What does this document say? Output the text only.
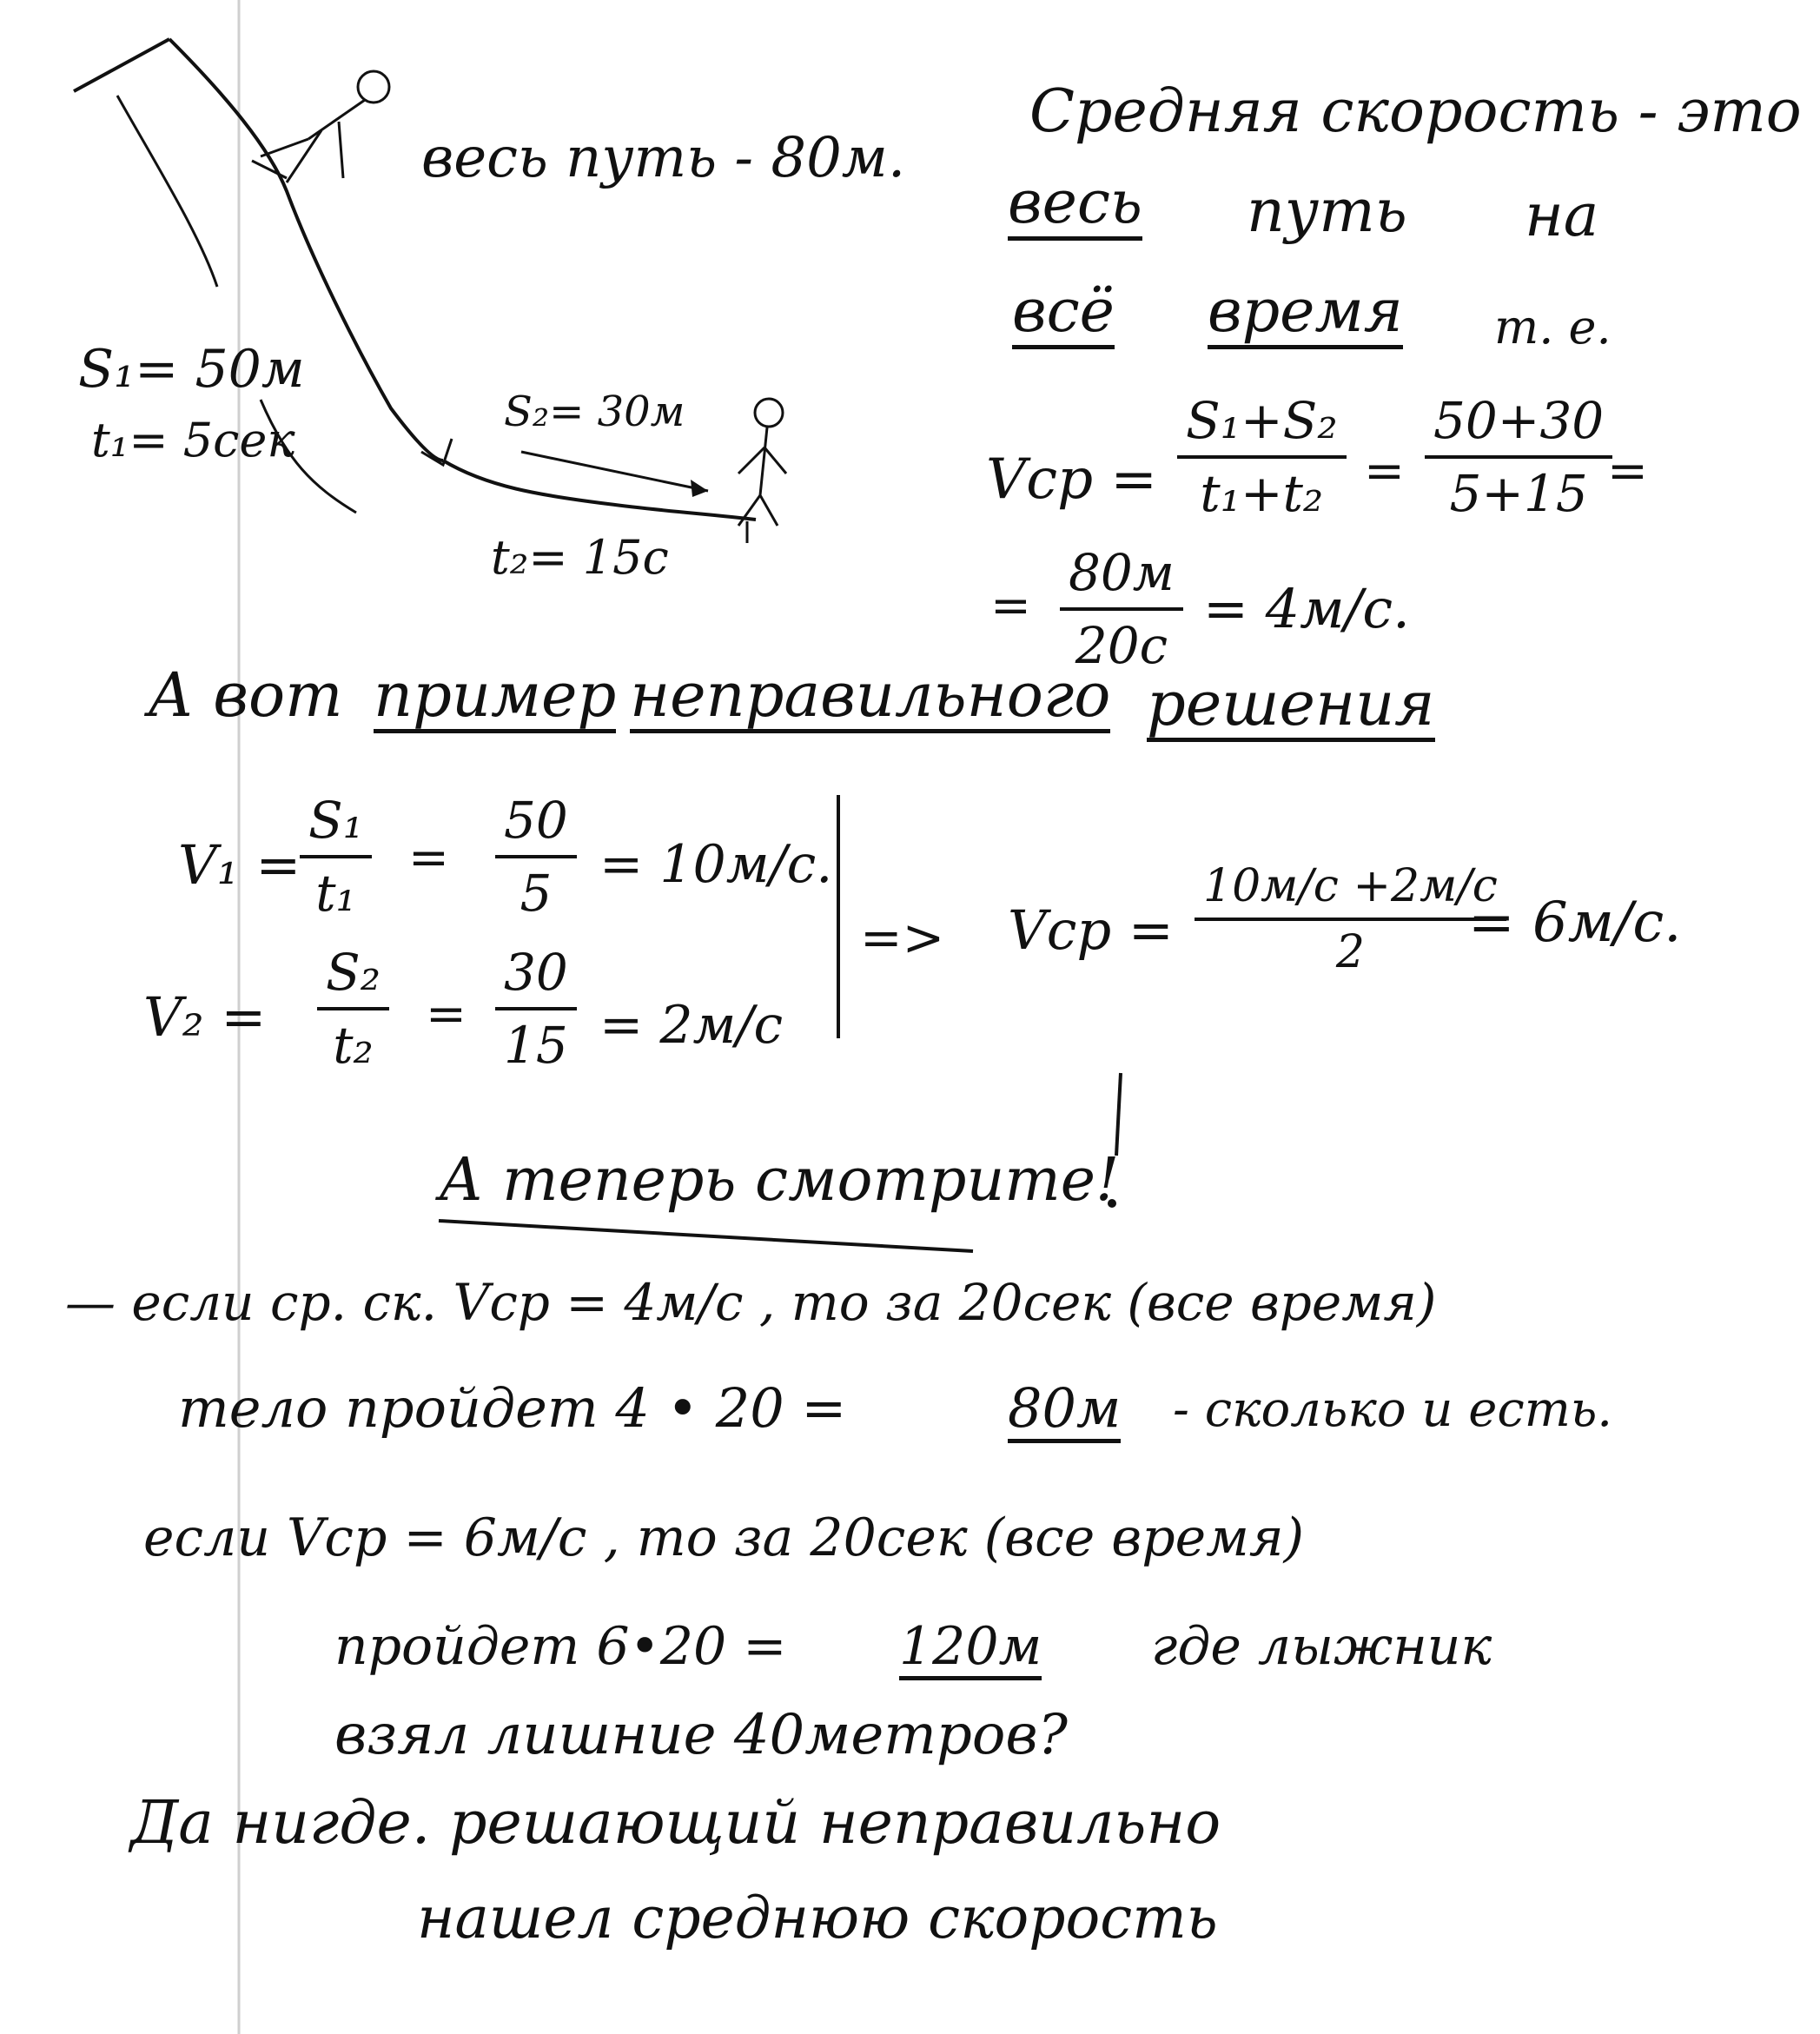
весь путь - 80м.
S₁= 50м
t₁= 5сек
S₂= 30м
t₂= 15с
Средняя скорость - это
весь путь на
всё время т. е.
Vср = $\frac{\text{S₁+S₂}}{\text{t₁+t₂}} = \frac{50+30}{5+15}$
=
=
80м
20с
= 4м/с.
А вот пример неправильного решения
V₁ =
$\frac{\text{S₁}}{\text{t₁}} = \frac{50}{5} = 10м/с$.
$V_2 = \frac{\text{S₂}}{\text{t₂}} = \frac{30}{15} = 2м/с$
=> Vср =
10м/с +2м/с
2 = 6м/с.
А теперь смотрите!
— если ср. ск. Vср = 4м/с , то за 20сек (все время)
тело пройдет 4 • 20 =	80м - сколько и есть.
если Vср = 6м/с , то за 20сек (все время)
пройдет 6•20 = 120м где лыжник
взял лишние 40метров?
Да нигде. решающий неправильно
нашел среднюю скорость
